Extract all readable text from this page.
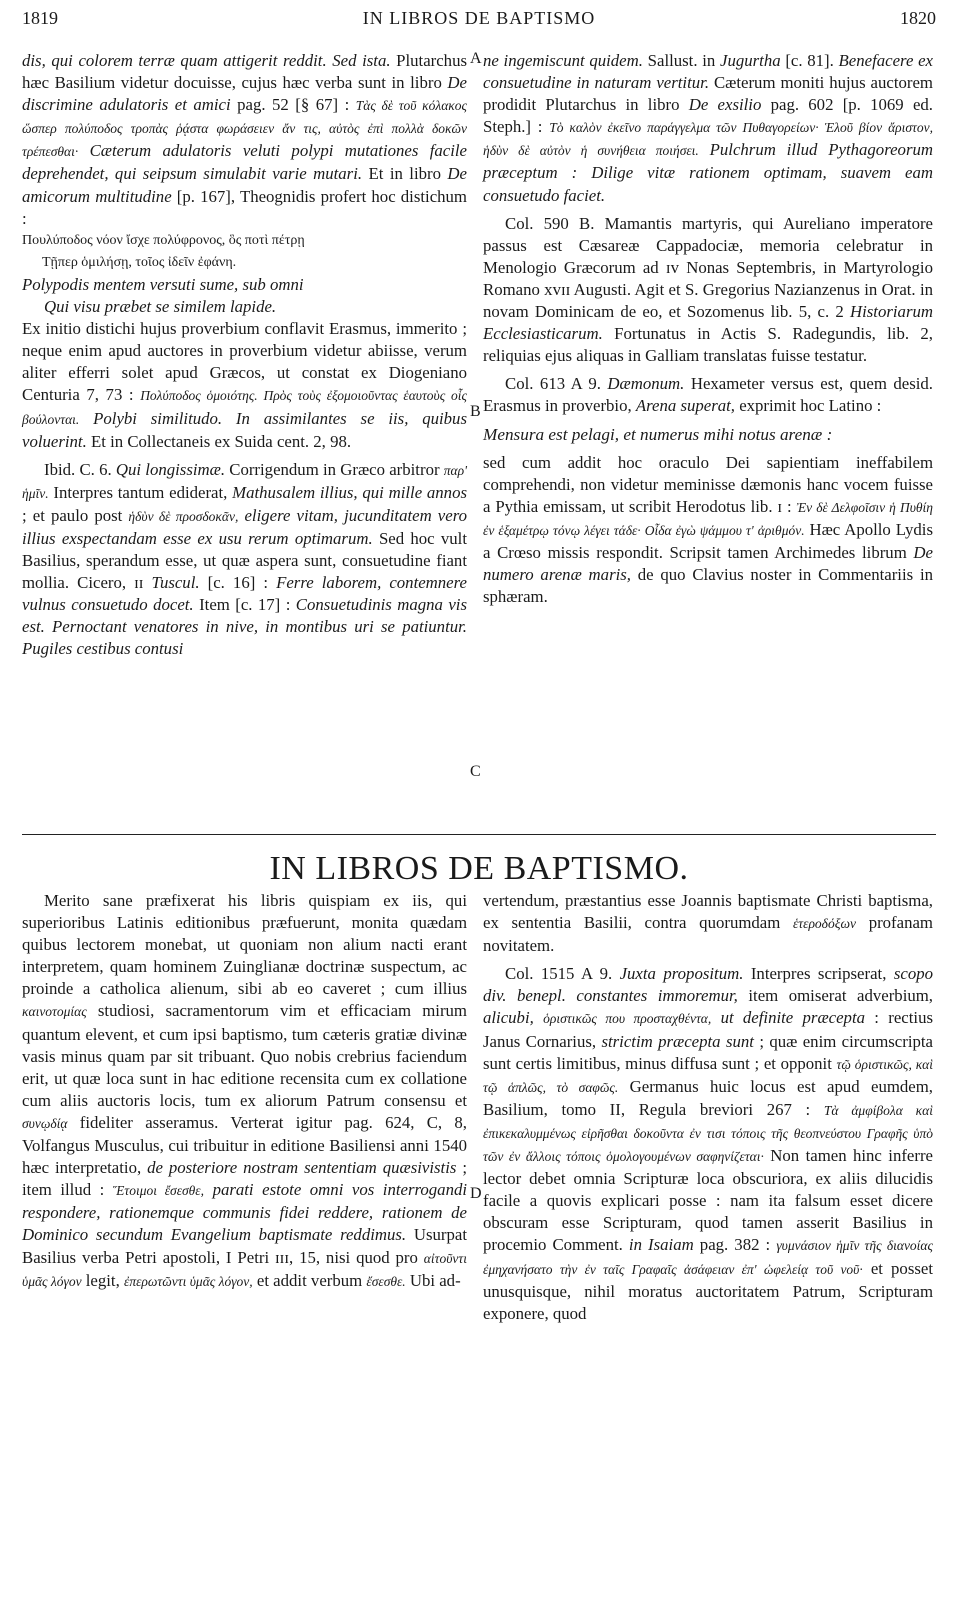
1819	IN LIBROS DE BAPTISMO	1820

dis, qui colorem terræ quam attigerit reddit. Sed ista. Plutarchus hæc Basilium videtur docuisse, cujus hæc verba sunt in libro De discrimine adulatoris et amici pag. 52 [§ 67] : Τὰς δὲ τοῦ κόλακος ὥσπερ πολύποδος τροπὰς ῥᾴστα φωράσειεν ἄν τις, αὐτὸς ἐπὶ πολλὰ δοκῶν τρέπεσθαι· Cæterum adulatoris veluti polypi mutationes facile deprehendet, qui seipsum simulabit varie mutari. Et in libro De amicorum multitudine [p. 167], Theognidis profert hoc distichum :

Πουλύποδος νόον ἴσχε πολύφρονος, ὃς ποτὶ πέτρῃ

Τῇπερ ὁμιλήσῃ, τοῖος ἰδεῖν ἐφάνη.

Polypodis mentem versuti sume, sub omni

Qui visu præbet se similem lapide.

Ex initio distichi hujus proverbium conflavit Erasmus, immerito ; neque enim apud auctores in proverbium videtur abiisse, verum aliter efferri solet apud Græcos, ut constat ex Diogeniano Centuria 7, 73 : Πολύποδος ὁμοιότης. Πρὸς τοὺς ἐξομοιοῦντας ἑαυτοὺς οἷς βούλονται. Polybi similitudo. In assimilantes se iis, quibus voluerint. Et in Collectaneis ex Suida cent. 2, 98.

Ibid. C. 6. Qui longissimæ. Corrigendum in Græco arbitror παρ' ἡμῖν. Interpres tantum ediderat, Mathusalem illius, qui mille annos ; et paulo post ἡδὺν δὲ προσδοκᾶν, eligere vitam, jucunditatem vero illius exspectandam esse ex usu rerum optimarum. Sed hoc vult Basilius, sperandum esse, ut quæ aspera sunt, consuetudine fiant mollia. Cicero, ɪɪ Tuscul. [c. 16] : Ferre laborem, contemnere vulnus consuetudo docet. Item [c. 17] : Consuetudinis magna vis est. Pernoctant venatores in nive, in montibus uri se patiuntur. Pugiles cestibus contusi

ne ingemiscunt quidem. Sallust. in Jugurtha [c. 81]. Benefacere ex consuetudine in naturam vertitur. Cæterum moniti hujus auctorem prodidit Plutarchus in libro De exsilio pag. 602 [p. 1069 ed. Steph.] : Τὸ καλὸν ἐκεῖνο παράγγελμα τῶν Πυθαγορείων· Ἑλοῦ βίον ἄριστον, ἡδὺν δὲ αὐτὸν ἡ συνήθεια ποιήσει. Pulchrum illud Pythagoreorum præceptum : Dilige vitæ rationem optimam, suavem eam consuetudo faciet.

Col. 590 B. Mamantis martyris, qui Aureliano imperatore passus est Cæsareæ Cappadociæ, memoria celebratur in Menologio Græcorum ad ɪᴠ Nonas Septembris, in Martyrologio Romano xᴠɪɪ Augusti. Agit et S. Gregorius Nazianzenus in Orat. in novam Dominicam de eo, et Sozomenus lib. 5, c. 2 Historiarum Ecclesiasticarum. Fortunatus in Actis S. Radegundis, lib. 2, reliquias ejus aliquas in Galliam translatas fuisse testatur.

Col. 613 A 9. Dæmonum. Hexameter versus est, quem desid. Erasmus in proverbio, Arena superat, exprimit hoc Latino :

Mensura est pelagi, et numerus mihi notus arenæ :

sed cum addit hoc oraculo Dei sapientiam ineffabilem comprehendi, non videtur meminisse dæmonis hanc vocem fuisse a Pythia emissam, ut scribit Herodotus lib. ɪ : Ἐν δὲ Δελφοῖσιν ἡ Πυθίη ἐν ἑξαμέτρῳ τόνῳ λέγει τάδε· Οἶδα ἐγὼ ψάμμου τ' ἀριθμόν. Hæc Apollo Lydis a Crœso missis respondit. Scripsit tamen Archimedes librum De numero arenæ maris, de quo Clavius noster in Commentariis in sphæram.

A
B
C
D
IN LIBROS DE BAPTISMO.

Merito sane præfixerat his libris quispiam ex iis, qui superioribus Latinis editionibus præfuerunt, monita quædam quibus lectorem monebat, ut quoniam non alium nacti erant interpretem, quam hominem Zuinglianæ doctrinæ suspectum, ac proinde a catholica alienum, sibi ab eo caveret ; cum illius καινοτομίας studiosi, sacramentorum vim et efficaciam mirum quantum elevent, et cum ipsi baptismo, tum cæteris gratiæ divinæ vasis minus quam par sit tribuant. Quo nobis crebrius faciendum erit, ut quæ loca sunt in hac editione recensita cum ex collatione cum aliis auctoris locis, tum ex aliorum Patrum consensu et συνῳδίᾳ fideliter asseramus. Verterat igitur pag. 624, C, 8, Volfangus Musculus, cui tribuitur in editione Basiliensi anni 1540 hæc interpretatio, de posteriore nostram sententiam quæsivistis ; item illud : Ἕτοιμοι ἔσεσθε, parati estote omni vos interrogandi respondere, rationemque communis fidei reddere, rationem de Dominico secundum Evangelium baptismate reddimus. Usurpat Basilius verba Petri apostoli, I Petri ɪɪɪ, 15, nisi quod pro αἰτοῦντι ὑμᾶς λόγον legit, ἐπερωτῶντι ὑμᾶς λόγον, et addit verbum ἔσεσθε. Ubi ad-

vertendum, præstantius esse Joannis baptismate Christi baptisma, ex sententia Basilii, contra quorumdam ἑτεροδόξων profanam novitatem.

Col. 1515 A 9. Juxta propositum. Interpres scripserat, scopo div. benepl. constantes immoremur, item omiserat adverbium, alicubi, ὁριστικῶς που προσταχθέντα, ut definite præcepta : rectius Janus Cornarius, strictim præcepta sunt ; quæ enim circumscripta sunt certis limitibus, minus diffusa sunt ; et opponit τῷ ὁριστικῶς, καὶ τῷ ἁπλῶς, τὸ σαφῶς. Germanus huic locus est apud eumdem, Basilium, tomo II, Regula breviori 267 : Τὰ ἀμφίβολα καὶ ἐπικεκαλυμμένως εἰρῆσθαι δοκοῦντα ἐν τισι τόποις τῆς θεοπνεύστου Γραφῆς ὑπὸ τῶν ἐν ἄλλοις τόποις ὁμολογουμένων σαφηνίζεται· Non tamen hinc inferre lector debet omnia Scripturæ loca obscuriora, ex aliis dilucidis facile a quovis explicari posse : nam ita falsum esset dicere obscuram esse Scripturam, quod tamen asserit Basilius in procemio Comment. in Isaiam pag. 382 : γυμνάσιον ἡμῖν τῆς διανοίας ἐμηχανήσατο τὴν ἐν ταῖς Γραφαῖς ἀσάφειαν ἐπ' ὠφελείᾳ τοῦ νοῦ· et posset unusquisque, nihil moratus auctoritatem Patrum, Scripturam exponere, quod
